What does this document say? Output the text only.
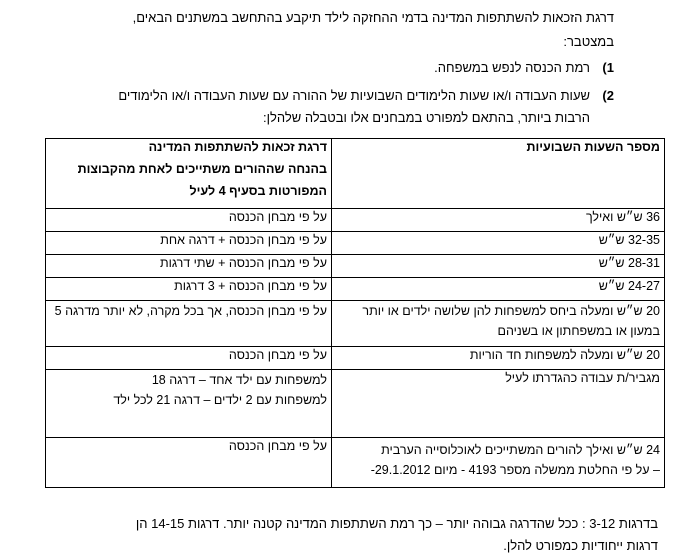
דרגת הזכאות להשתתפות המדינה בדמי ההחזקה לילד תיקבע בהתחשב במשתנים הבאים,
במצטבר:
1)
רמת הכנסה לנפש במשפחה.
2)
שעות העבודה ו/או שעות הלימודים השבועיות של ההורה עם שעות העבודה ו/או הלימודים
הרבות ביותר, בהתאם למפורט במבחנים אלו ובטבלה שלהלן:
מספר השעות השבועיות	דרגת זכאות להשתתפות המדינה
בהנחה שההורים משתייכים לאחת מהקבוצות
המפורטות בסעיף 4 לעיל

36 ש״ש ואילך	על פי מבחן הכנסה
32-35 ש״ש	על פי מבחן הכנסה + דרגה אחת
28-31 ש״ש	על פי מבחן הכנסה + שתי דרגות
24-27 ש״ש	על פי מבחן הכנסה + 3 דרגות
20 ש״ש ומעלה ביחס למשפחות להן שלושה ילדים או יותר במעון או במשפחתון או בשניהם	על פי מבחן הכנסה, אך בכל מקרה, לא יותר מדרגה 5
20 ש״ש ומעלה למשפחות חד הוריות	על פי מבחן הכנסה
מגביר/ת עבודה כהגדרתו לעיל	למשפחות עם ילד אחד – דרגה 18
למשפחות עם 2 ילדים – דרגה 21 לכל ילד

24 ש״ש ואילך להורים המשתייכים לאוכלוסייה הערבית
– על פי החלטת ממשלה מספר 4193 - מיום 29.1.2012-	על פי מבחן הכנסה
בדרגות 3-12 : ככל שהדרגה גבוהה יותר – כך רמת השתתפות המדינה קטנה יותר. דרגות 14-15 הן
דרגות ייחודיות כמפורט להלן.
